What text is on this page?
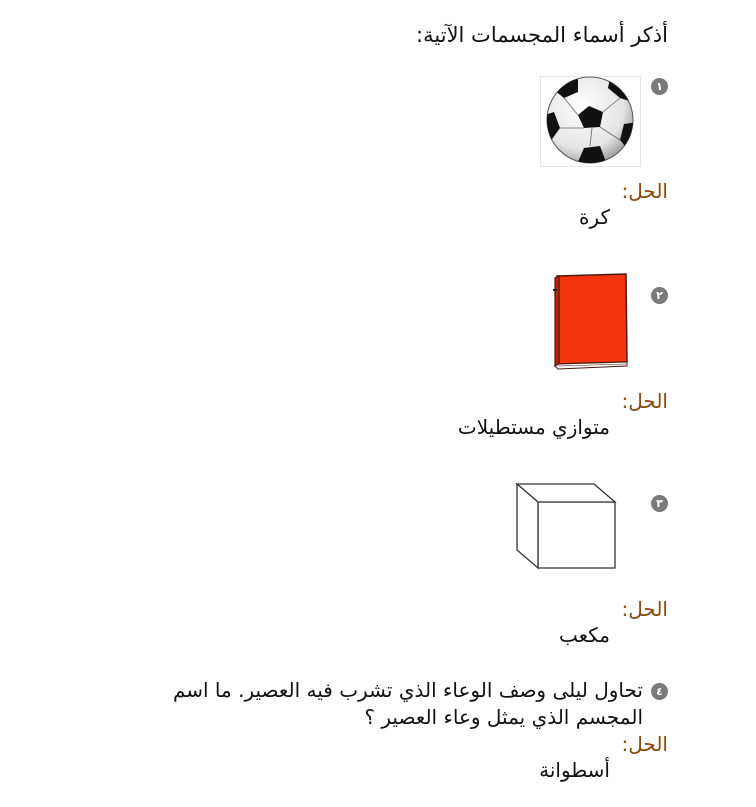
أذكر أسماء المجسمات الآتية:
١
الحل:
كرة
٢
الحل:
متوازي مستطيلات
٣
الحل:
مكعب
٤
تحاول ليلى وصف الوعاء الذي تشرب فيه العصير. ما اسم
المجسم الذي يمثل وعاء العصير ؟
الحل:
أسطوانة
